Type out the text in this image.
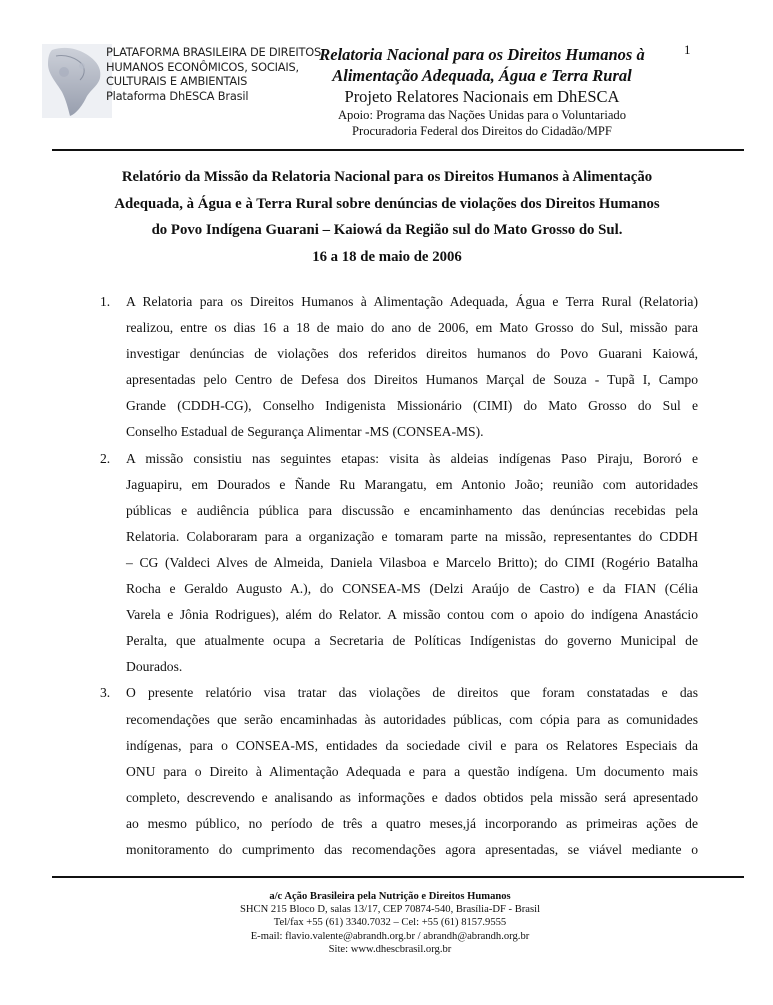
PLATAFORMA BRASILEIRA DE DIREITOS
HUMANOS ECONÔMICOS, SOCIAIS,
CULTURAIS E AMBIENTAIS
Plataforma DhESCA Brasil
Relatoria Nacional para os Direitos Humanos à
Alimentação Adequada, Água e Terra Rural
Projeto Relatores Nacionais em DhESCA
Apoio: Programa das Nações Unidas para o Voluntariado
Procuradoria Federal dos Direitos do Cidadão/MPF
1
Relatório da Missão da Relatoria Nacional para os Direitos Humanos à Alimentação
Adequada, à Água e à Terra Rural sobre denúncias de violações dos Direitos Humanos
do Povo Indígena Guarani – Kaiowá da Região sul do Mato Grosso do Sul.
16 a 18 de maio de 2006
1. A Relatoria para os Direitos Humanos à Alimentação Adequada, Água e Terra Rural (Relatoria)
realizou, entre os dias 16 a 18 de maio do ano de 2006, em Mato Grosso do Sul, missão para
investigar denúncias de violações dos referidos direitos humanos do Povo Guarani Kaiowá,
apresentadas pelo Centro de Defesa dos Direitos Humanos Marçal de Souza - Tupã I, Campo
Grande (CDDH-CG), Conselho Indigenista Missionário (CIMI) do Mato Grosso do Sul e
Conselho Estadual de Segurança Alimentar -MS (CONSEA-MS).
2. A missão consistiu nas seguintes etapas: visita às aldeias indígenas Paso Piraju, Bororó e
Jaguapiru, em Dourados e Ñande Ru Marangatu, em Antonio João; reunião com autoridades
públicas e audiência pública para discussão e encaminhamento das denúncias recebidas pela
Relatoria. Colaboraram para a organização e tomaram parte na missão, representantes do CDDH
– CG (Valdeci Alves de Almeida, Daniela Vilasboa e Marcelo Britto); do CIMI (Rogério Batalha
Rocha e Geraldo Augusto A.), do CONSEA-MS (Delzi Araújo de Castro) e da FIAN (Célia
Varela e Jônia Rodrigues), além do Relator. A missão contou com o apoio do indígena Anastácio
Peralta, que atualmente ocupa a Secretaria de Políticas Indígenistas do governo Municipal de
Dourados.
3. O presente relatório visa tratar das violações de direitos que foram constatadas e das
recomendações que serão encaminhadas às autoridades públicas, com cópia para as comunidades
indígenas, para o CONSEA-MS, entidades da sociedade civil e para os Relatores Especiais da
ONU para o Direito à Alimentação Adequada e para a questão indígena. Um documento mais
completo, descrevendo e analisando as informações e dados obtidos pela missão será apresentado
ao mesmo público, no período de três a quatro meses,já incorporando as primeiras ações de
monitoramento do cumprimento das recomendações agora apresentadas, se viável mediante o
a/c Ação Brasileira pela Nutrição e Direitos Humanos
SHCN 215 Bloco D, salas 13/17, CEP 70874-540, Brasília-DF - Brasil
Tel/fax +55 (61) 3340.7032 – Cel: +55 (61) 8157.9555
E-mail: flavio.valente@abrandh.org.br / abrandh@abrandh.org.br
Site: www.dhescbrasil.org.br
